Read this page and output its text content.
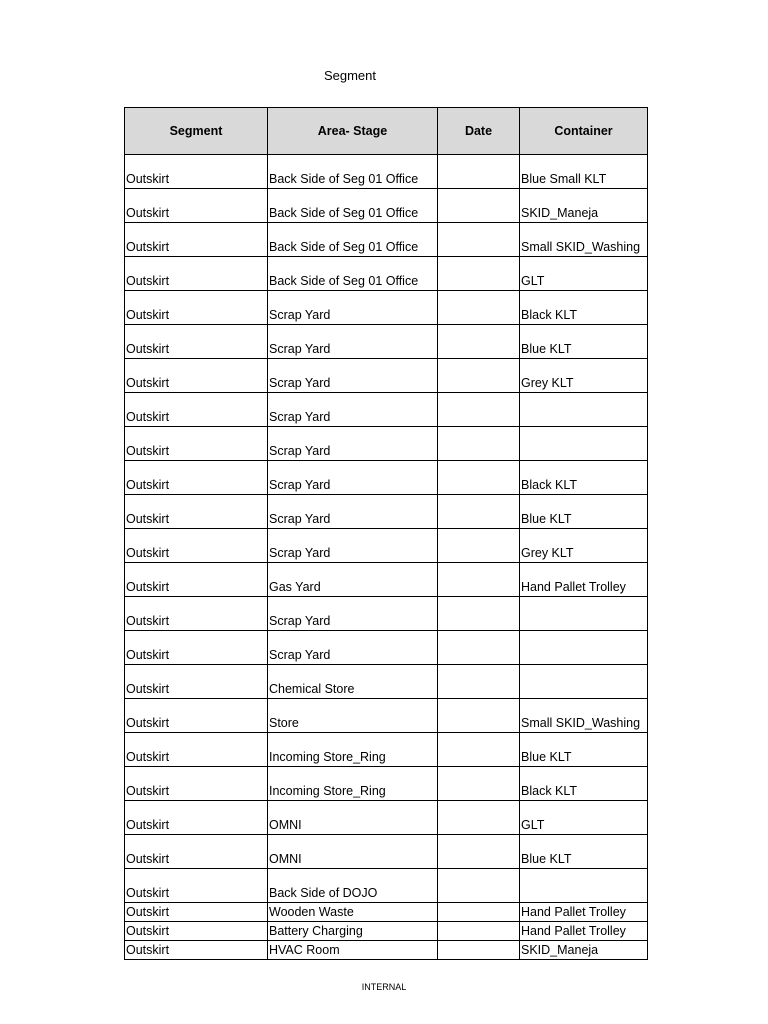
Segment
Segment	Area- Stage	Date	Container
Outskirt	Back Side of Seg 01 Office		Blue Small KLT
Outskirt	Back Side of Seg 01 Office		SKID_Maneja
Outskirt	Back Side of Seg 01 Office		Small SKID_Washing
Outskirt	Back Side of Seg 01 Office		GLT
Outskirt	Scrap Yard		Black KLT
Outskirt	Scrap Yard		Blue KLT
Outskirt	Scrap Yard		Grey KLT
Outskirt	Scrap Yard		
Outskirt	Scrap Yard		
Outskirt	Scrap Yard		Black KLT
Outskirt	Scrap Yard		Blue KLT
Outskirt	Scrap Yard		Grey KLT
Outskirt	Gas Yard		Hand Pallet Trolley
Outskirt	Scrap Yard		
Outskirt	Scrap Yard		
Outskirt	Chemical Store		
Outskirt	Store		Small SKID_Washing
Outskirt	Incoming Store_Ring		Blue KLT
Outskirt	Incoming Store_Ring		Black KLT
Outskirt	OMNI		GLT
Outskirt	OMNI		Blue KLT
Outskirt	Back Side of DOJO		
Outskirt	Wooden Waste		Hand Pallet Trolley
Outskirt	Battery Charging		Hand Pallet Trolley
Outskirt	HVAC Room		SKID_Maneja
INTERNAL
